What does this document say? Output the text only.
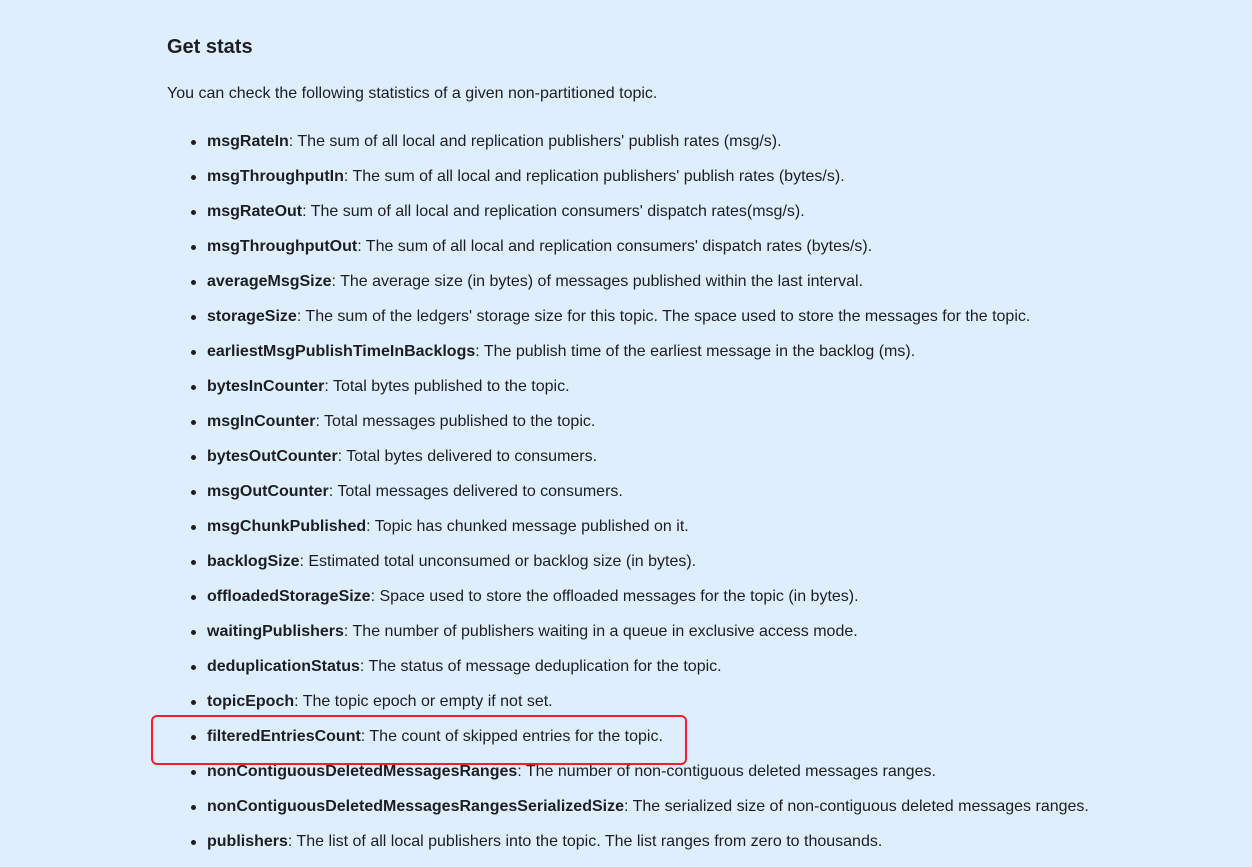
Get stats

You can check the following statistics of a given non-partitioned topic.

msgRateIn: The sum of all local and replication publishers' publish rates (msg/s).
msgThroughputIn: The sum of all local and replication publishers' publish rates (bytes/s).
msgRateOut: The sum of all local and replication consumers' dispatch rates(msg/s).
msgThroughputOut: The sum of all local and replication consumers' dispatch rates (bytes/s).
averageMsgSize: The average size (in bytes) of messages published within the last interval.
storageSize: The sum of the ledgers' storage size for this topic. The space used to store the messages for the topic.
earliestMsgPublishTimeInBacklogs: The publish time of the earliest message in the backlog (ms).
bytesInCounter: Total bytes published to the topic.
msgInCounter: Total messages published to the topic.
bytesOutCounter: Total bytes delivered to consumers.
msgOutCounter: Total messages delivered to consumers.
msgChunkPublished: Topic has chunked message published on it.
backlogSize: Estimated total unconsumed or backlog size (in bytes).
offloadedStorageSize: Space used to store the offloaded messages for the topic (in bytes).
waitingPublishers: The number of publishers waiting in a queue in exclusive access mode.
deduplicationStatus: The status of message deduplication for the topic.
topicEpoch: The topic epoch or empty if not set.
filteredEntriesCount: The count of skipped entries for the topic.
nonContiguousDeletedMessagesRanges: The number of non-contiguous deleted messages ranges.
nonContiguousDeletedMessagesRangesSerializedSize: The serialized size of non-contiguous deleted messages ranges.
publishers: The list of all local publishers into the topic. The list ranges from zero to thousands.
